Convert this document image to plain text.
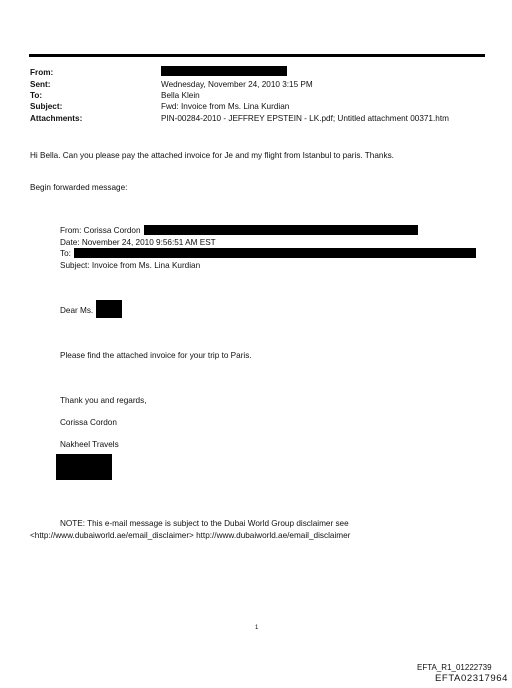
From:
Sent:
To:
Subject:
Attachments:
Wednesday, November 24, 2010 3:15 PM
Bella Klein
Fwd: Invoice from Ms. Lina Kurdian
PIN-00284-2010 - JEFFREY EPSTEIN - LK.pdf; Untitled attachment 00371.htm
Hi Bella. Can you please pay the attached invoice for Je and my flight from Istanbul to paris. Thanks.
Begin forwarded message:
From: Corissa Cordon
Date: November 24, 2010 9:56:51 AM EST
To:
Subject: Invoice from Ms. Lina Kurdian
Dear Ms.
Please find the attached invoice for your trip to Paris.
Thank you and regards,
Corissa Cordon
Nakheel Travels
NOTE: This e-mail message is subject to the Dubai World Group disclaimer see
<http://www.dubaiworld.ae/email_disclaimer> http://www.dubaiworld.ae/email_disclaimer
1
EFTA_R1_01222739
EFTA02317964
